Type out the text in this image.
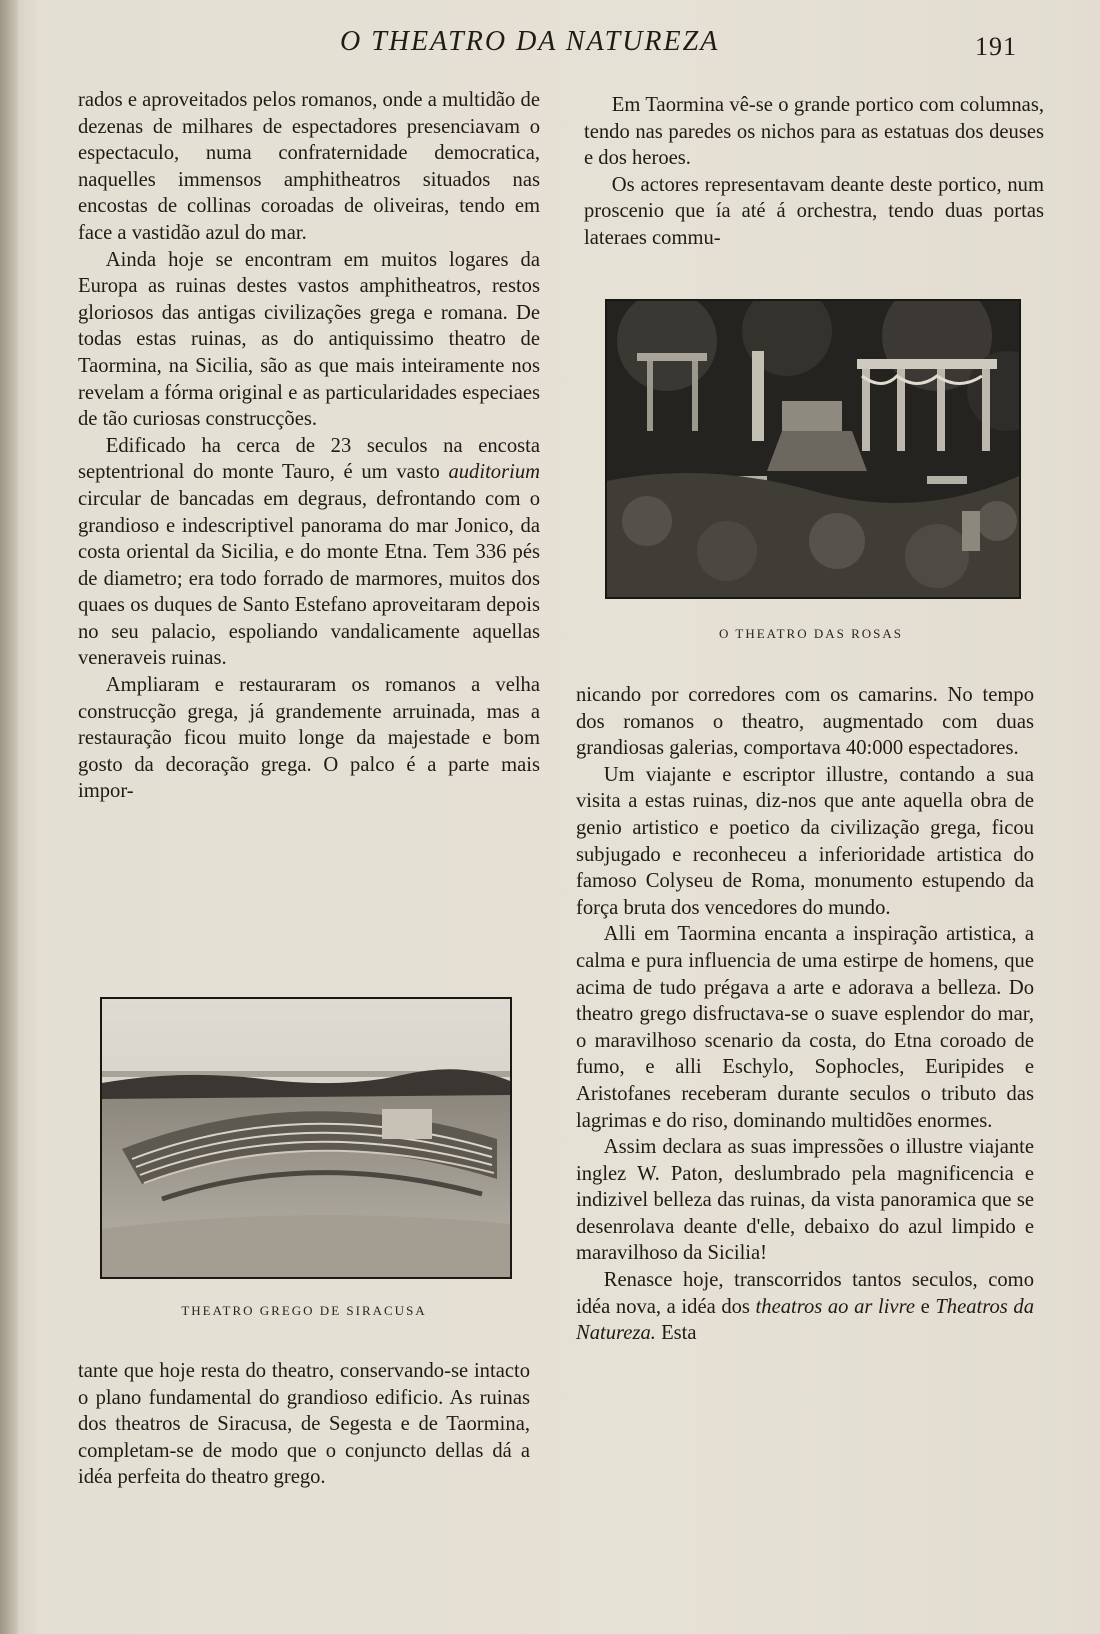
O THEATRO DA NATUREZA	191

rados e aproveitados pelos romanos, onde a multidão de dezenas de milhares de espectadores presenciavam o espectaculo, numa confraternidade democratica, naquelles immensos amphitheatros situados nas encostas de collinas coroadas de oliveiras, tendo em face a vastidão azul do mar.

Ainda hoje se encontram em muitos logares da Europa as ruinas destes vastos amphitheatros, restos gloriosos das antigas civilizações grega e romana. De todas estas ruinas, as do antiquissimo theatro de Taormina, na Sicilia, são as que mais inteiramente nos revelam a fórma original e as particularidades especiaes de tão curiosas construcções.

Edificado ha cerca de 23 seculos na encosta septentrional do monte Tauro, é um vasto auditorium circular de bancadas em degraus, defrontando com o grandioso e indescriptivel panorama do mar Jonico, da costa oriental da Sicilia, e do monte Etna. Tem 336 pés de diametro; era todo forrado de marmores, muitos dos quaes os duques de Santo Estefano aproveitaram depois no seu palacio, espoliando vandalicamente aquellas veneraveis ruinas.

Ampliaram e restauraram os romanos a velha construcção grega, já grandemente arruinada, mas a restauração ficou muito longe da majestade e bom gosto da decoração grega. O palco é a parte mais impor-

THEATRO GREGO DE SIRACUSA

tante que hoje resta do theatro, conservando-se intacto o plano fundamental do grandioso edificio. As ruinas dos theatros de Siracusa, de Segesta e de Taormina, completam-se de modo que o conjuncto dellas dá a idéa perfeita do theatro grego.

Em Taormina vê-se o grande portico com columnas, tendo nas paredes os nichos para as estatuas dos deuses e dos heroes.

Os actores representavam deante deste portico, num proscenio que ía até á orchestra, tendo duas portas lateraes commu-

O THEATRO DAS ROSAS

nicando por corredores com os camarins. No tempo dos romanos o theatro, augmentado com duas grandiosas galerias, comportava 40:000 espectadores.

Um viajante e escriptor illustre, contando a sua visita a estas ruinas, diz-nos que ante aquella obra de genio artistico e poetico da civilização grega, ficou subjugado e reconheceu a inferioridade artistica do famoso Colyseu de Roma, monumento estupendo da força bruta dos vencedores do mundo.

Alli em Taormina encanta a inspiração artistica, a calma e pura influencia de uma estirpe de homens, que acima de tudo prégava a arte e adorava a belleza. Do theatro grego disfructava-se o suave esplendor do mar, o maravilhoso scenario da costa, do Etna coroado de fumo, e alli Eschylo, Sophocles, Euripides e Aristofanes receberam durante seculos o tributo das lagrimas e do riso, dominando multidões enormes.

Assim declara as suas impressões o illustre viajante inglez W. Paton, deslumbrado pela magnificencia e indizivel belleza das ruinas, da vista panoramica que se desenrolava deante d'elle, debaixo do azul limpido e maravilhoso da Sicilia!

Renasce hoje, transcorridos tantos seculos, como idéa nova, a idéa dos theatros ao ar livre e Theatros da Natureza. Esta
